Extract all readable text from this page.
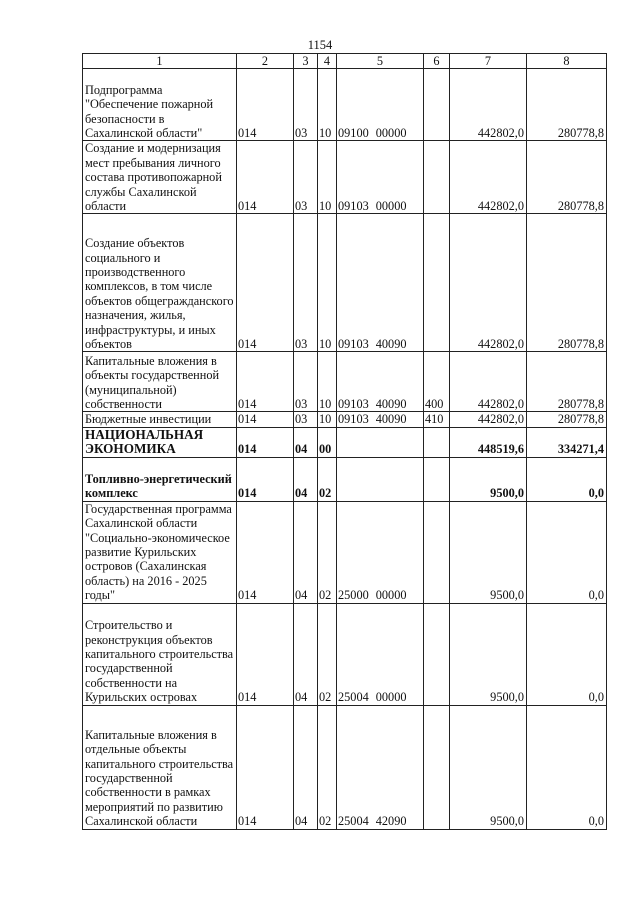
1154
1	2	3	4	5	6	7	8
Подпрограмма "Обеспечение пожарной безопасности в Сахалинской области"	014	03	10	09100 00000		442802,0	280778,8
Создание и модернизация мест пребывания личного состава противопожарной службы Сахалинской области	014	03	10	09103 00000		442802,0	280778,8
Создание объектов социального и производственного комплексов, в том числе объектов общегражданского назначения, жилья, инфраструктуры, и иных объектов	014	03	10	09103 40090		442802,0	280778,8
Капитальные вложения в объекты государственной (муниципальной) собственности	014	03	10	09103 40090	400	442802,0	280778,8
Бюджетные инвестиции	014	03	10	09103 40090	410	442802,0	280778,8
НАЦИОНАЛЬНАЯ ЭКОНОМИКА	014	04	00			448519,6	334271,4
Топливно-энергетический комплекс	014	04	02			9500,0	0,0
Государственная программа Сахалинской области "Социально-экономическое развитие Курильских островов (Сахалинская область) на 2016 - 2025 годы"	014	04	02	25000 00000		9500,0	0,0
Строительство и реконструкция объектов капитального строительства государственной собственности на Курильских островах	014	04	02	25004 00000		9500,0	0,0
Капитальные вложения в отдельные объекты капитального строительства государственной собственности в рамках мероприятий по развитию Сахалинской области	014	04	02	25004 42090		9500,0	0,0
